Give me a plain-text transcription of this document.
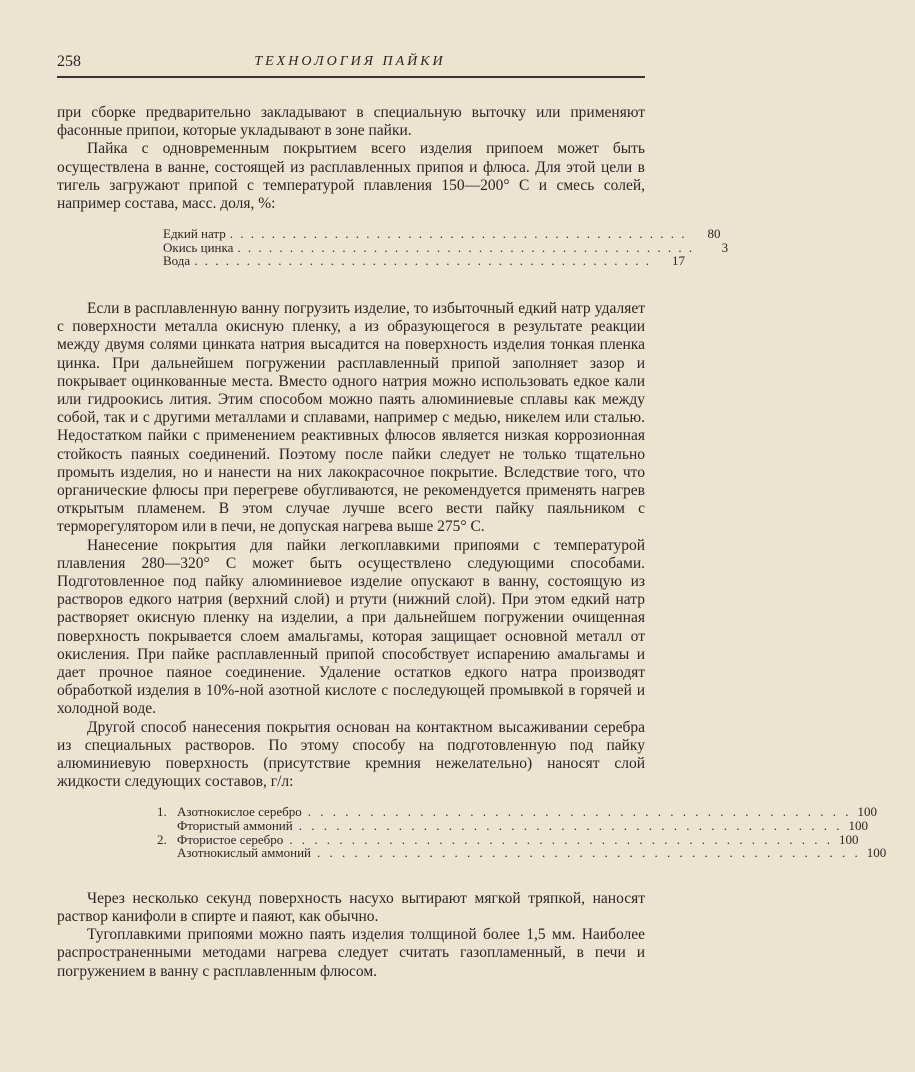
258	ТЕХНОЛОГИЯ ПАЙКИ

при сборке предварительно закладывают в специальную выточку или применяют фасонные припои, которые укладывают в зоне пайки.

Пайка с одновременным покрытием всего изделия припоем может быть осуществлена в ванне, состоящей из расплавленных припоя и флюса. Для этой цели в тигель загружают припой с температурой плавления 150—200° С и смесь солей, например состава, масс. доля, %:

Едкий натр . . . . . . . . . . . . . . . . . . . . . . . . . . . . . . . . . . . . . . . . . . . .	80
Окись цинка . . . . . . . . . . . . . . . . . . . . . . . . . . . . . . . . . . . . . . . . . . . .	3
Вода . . . . . . . . . . . . . . . . . . . . . . . . . . . . . . . . . . . . . . . . . . . .	17

Если в расплавленную ванну погрузить изделие, то избыточный едкий натр удаляет с поверхности металла окисную пленку, а из образующегося в результате реакции между двумя солями цинката натрия высадится на поверхность изделия тонкая пленка цинка. При дальнейшем погружении расплавленный припой заполняет зазор и покрывает оцинкованные места. Вместо одного натрия можно использовать едкое кали или гидроокись лития. Этим способом можно паять алюминиевые сплавы как между собой, так и с другими металлами и сплавами, например с медью, никелем или сталью. Недостатком пайки с применением реактивных флюсов является низкая коррозионная стойкость паяных соединений. Поэтому после пайки следует не только тщательно промыть изделия, но и нанести на них лакокрасочное покрытие. Вследствие того, что органические флюсы при перегреве обугливаются, не рекомендуется применять нагрев открытым пламенем. В этом случае лучше всего вести пайку паяльником с терморегулятором или в печи, не допуская нагрева выше 275° С.

Нанесение покрытия для пайки легкоплавкими припоями с температурой плавления 280—320° С может быть осуществлено следующими способами. Подготовленное под пайку алюминиевое изделие опускают в ванну, состоящую из растворов едкого натрия (верхний слой) и ртути (нижний слой). При этом едкий натр растворяет окисную пленку на изделии, а при дальнейшем погружении очищенная поверхность покрывается слоем амальгамы, которая защищает основной металл от окисления. При пайке расплавленный припой способствует испарению амальгамы и дает прочное паяное соединение. Удаление остатков едкого натра производят обработкой изделия в 10%-ной азотной кислоте с последующей промывкой в горячей и холодной воде.

Другой способ нанесения покрытия основан на контактном высаживании серебра из специальных растворов. По этому способу на подготовленную под пайку алюминиевую поверхность (присутствие кремния нежелательно) наносят слой жидкости следующих составов, г/л:

1. Азотнокислое серебро . . . . . . . . . . . . . . . . . . . . . . . . . . . . . . . . . . . . . . . . . . . . 100
Фтористый аммоний . . . . . . . . . . . . . . . . . . . . . . . . . . . . . . . . . . . . . . . . . . . . 100
2. Фтористое серебро . . . . . . . . . . . . . . . . . . . . . . . . . . . . . . . . . . . . . . . . . . . . 100
Азотнокислый аммоний . . . . . . . . . . . . . . . . . . . . . . . . . . . . . . . . . . . . . . . . . . . . 100

Через несколько секунд поверхность насухо вытирают мягкой тряпкой, наносят раствор канифоли в спирте и паяют, как обычно.

Тугоплавкими припоями можно паять изделия толщиной более 1,5 мм. Наиболее распространенными методами нагрева следует считать газопламенный, в печи и погружением в ванну с расплавленным флюсом.
